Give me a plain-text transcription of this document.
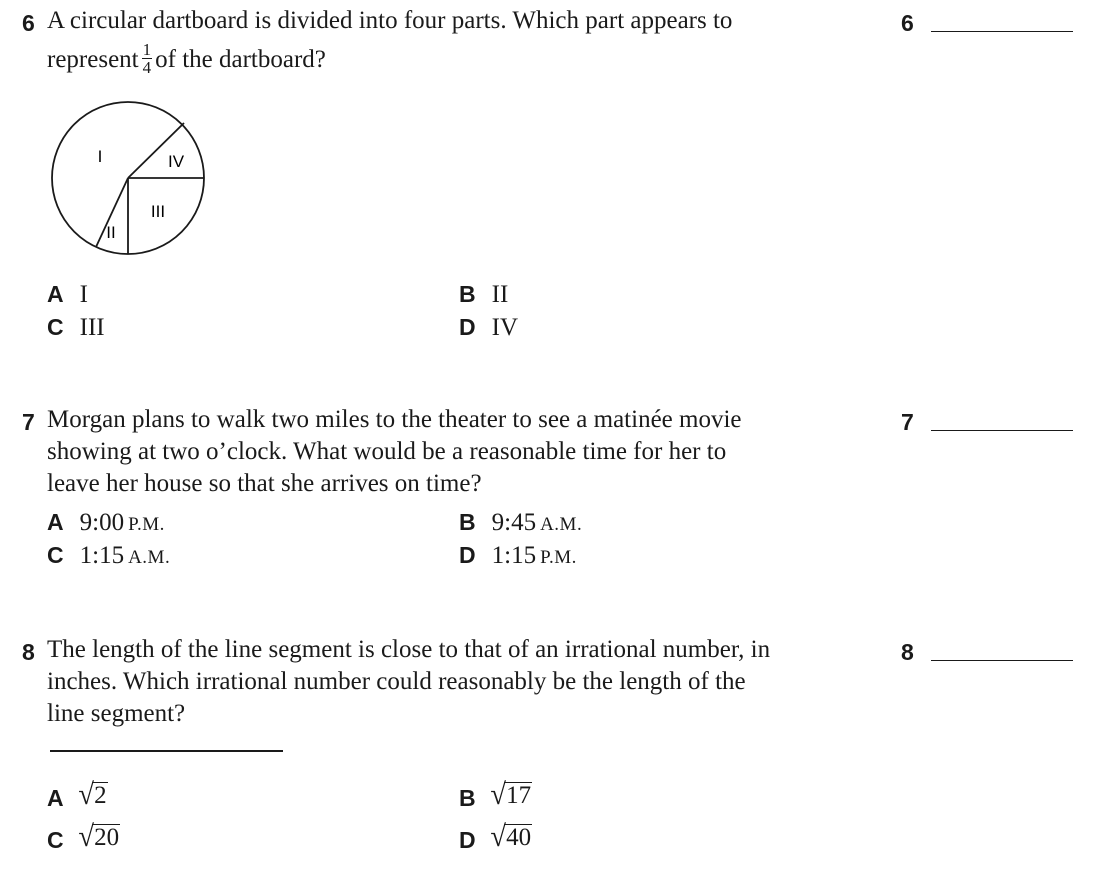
6 A circular dartboard is divided into four parts. Which part appears to
represent $\frac{1}{4}$ of the dartboard?
6
I
II
III
IV
A I	B II
C III	D IV
7 Morgan plans to walk two miles to the theater to see a matinée movie
showing at two o’clock. What would be a reasonable time for her to
leave her house so that she arrives on time?
7
A 9:00 P.M.	B 9:45 A.M.
C 1:15 A.M.	D 1:15 P.M.
8 The length of the line segment is close to that of an irrational number, in
inches. Which irrational number could reasonably be the length of the
line segment?
8
A √2	B √17
C √20	D √40
